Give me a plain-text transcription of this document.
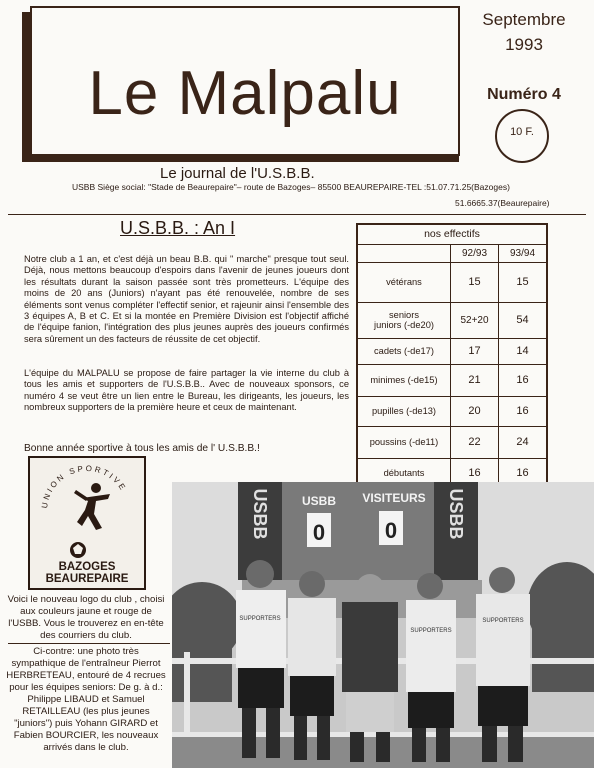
Le Malpalu
Septembre
1993
Numéro 4
10 F.
Le journal de l'U.S.B.B.
USBB Siège social: "Stade de Beaurepaire"– route de Bazoges– 85500 BEAUREPAIRE-TEL :51.07.71.25(Bazoges)
51.6665.37(Beaurepaire)
U.S.B.B. : An I
Notre club a 1 an, et c'est déjà un beau B.B. qui " marche" presque tout seul. Déjà, nous mettons beaucoup d'espoirs dans l'avenir de jeunes joueurs dont les résultats durant la saison passée sont très prometteurs. L'équipe des moins de 20 ans (Juniors) n'ayant pas été renouvelée, nombre de ses éléments sont venus compléter l'effectif senior, et rajeunir ainsi l'ensemble des 3 équipes A, B et C. Et si la montée en Première Division est l'objectif affiché de l'équipe fanion, l'intégration des plus jeunes auprès des joueurs confirmés sera sûrement un des facteurs de réussite de cet objectif.
L'équipe du MALPALU se propose de faire partager la vie interne du club à tous les amis et supporters de l'U.S.B.B.. Avec de nouveaux sponsors, ce numéro 4 se veut être un lien entre le Bureau, les dirigeants, les joueurs, les nombreux supporters de la première heure et ceux de maintenant.
Bonne année sportive à tous les amis de l' U.S.B.B.!
nos effectifs		
	92/93	93/94
vétérans	15	15
seniors
juniors (-de20)	52+20	54
cadets (-de17)	17	14
minimes (-de15)	21	16
pupilles (-de13)	20	16
poussins (-de11)	22	24
débutants	16	16
UNION SPORTIVE
BAZOGES
BEAUREPAIRE
Voici le nouveau logo du club , choisi aux couleurs jaune et rouge de l'USBB. Vous le trouverez en en-tête des courriers du club.
Ci-contre: une photo très sympathique de l'entraîneur Pierrot HERBRETEAU, entouré de 4 recrues pour les équipes seniors: De g. à d.: Philippe LIBAUD et Samuel RETAILLEAU (les plus jeunes "juniors") puis Yohann GIRARD et Fabien BOURCIER, les nouveaux arrivés dans le club.
USBB VISITEURS
0	0
USBB	USBB
SUPPORTERS
SUPPORTERS
SUPPORTERS
